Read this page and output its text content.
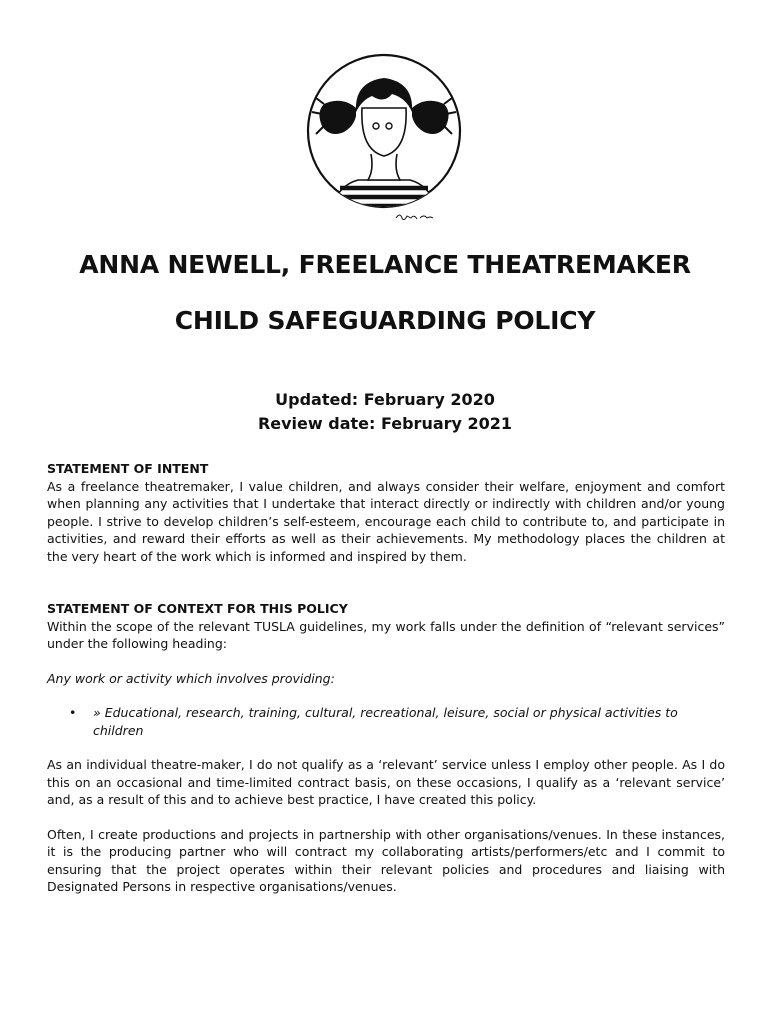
ANNA NEWELL, FREELANCE THEATREMAKER
CHILD SAFEGUARDING POLICY

Updated: February 2020

Review date: February 2021

STATEMENT OF INTENT

As a freelance theatremaker, I value children, and always consider their welfare, enjoyment and comfort when planning any activities that I undertake that interact directly or indirectly with children and/or young people. I strive to develop children’s self-esteem, encourage each child to contribute to, and participate in activities, and reward their efforts as well as their achievements. My methodology places the children at the very heart of the work which is informed and inspired by them.

STATEMENT OF CONTEXT FOR THIS POLICY

Within the scope of the relevant TUSLA guidelines, my work falls under the definition of “relevant services” under the following heading:

Any work or activity which involves providing:

• » Educational, research, training, cultural, recreational, leisure, social or physical activities to children

As an individual theatre-maker, I do not qualify as a ‘relevant’ service unless I employ other people. As I do this on an occasional and time-limited contract basis, on these occasions, I qualify as a ‘relevant service’ and, as a result of this and to achieve best practice, I have created this policy.

Often, I create productions and projects in partnership with other organisations/venues. In these instances, it is the producing partner who will contract my collaborating artists/performers/etc and I commit to ensuring that the project operates within their relevant policies and procedures and liaising with Designated Persons in respective organisations/venues.
